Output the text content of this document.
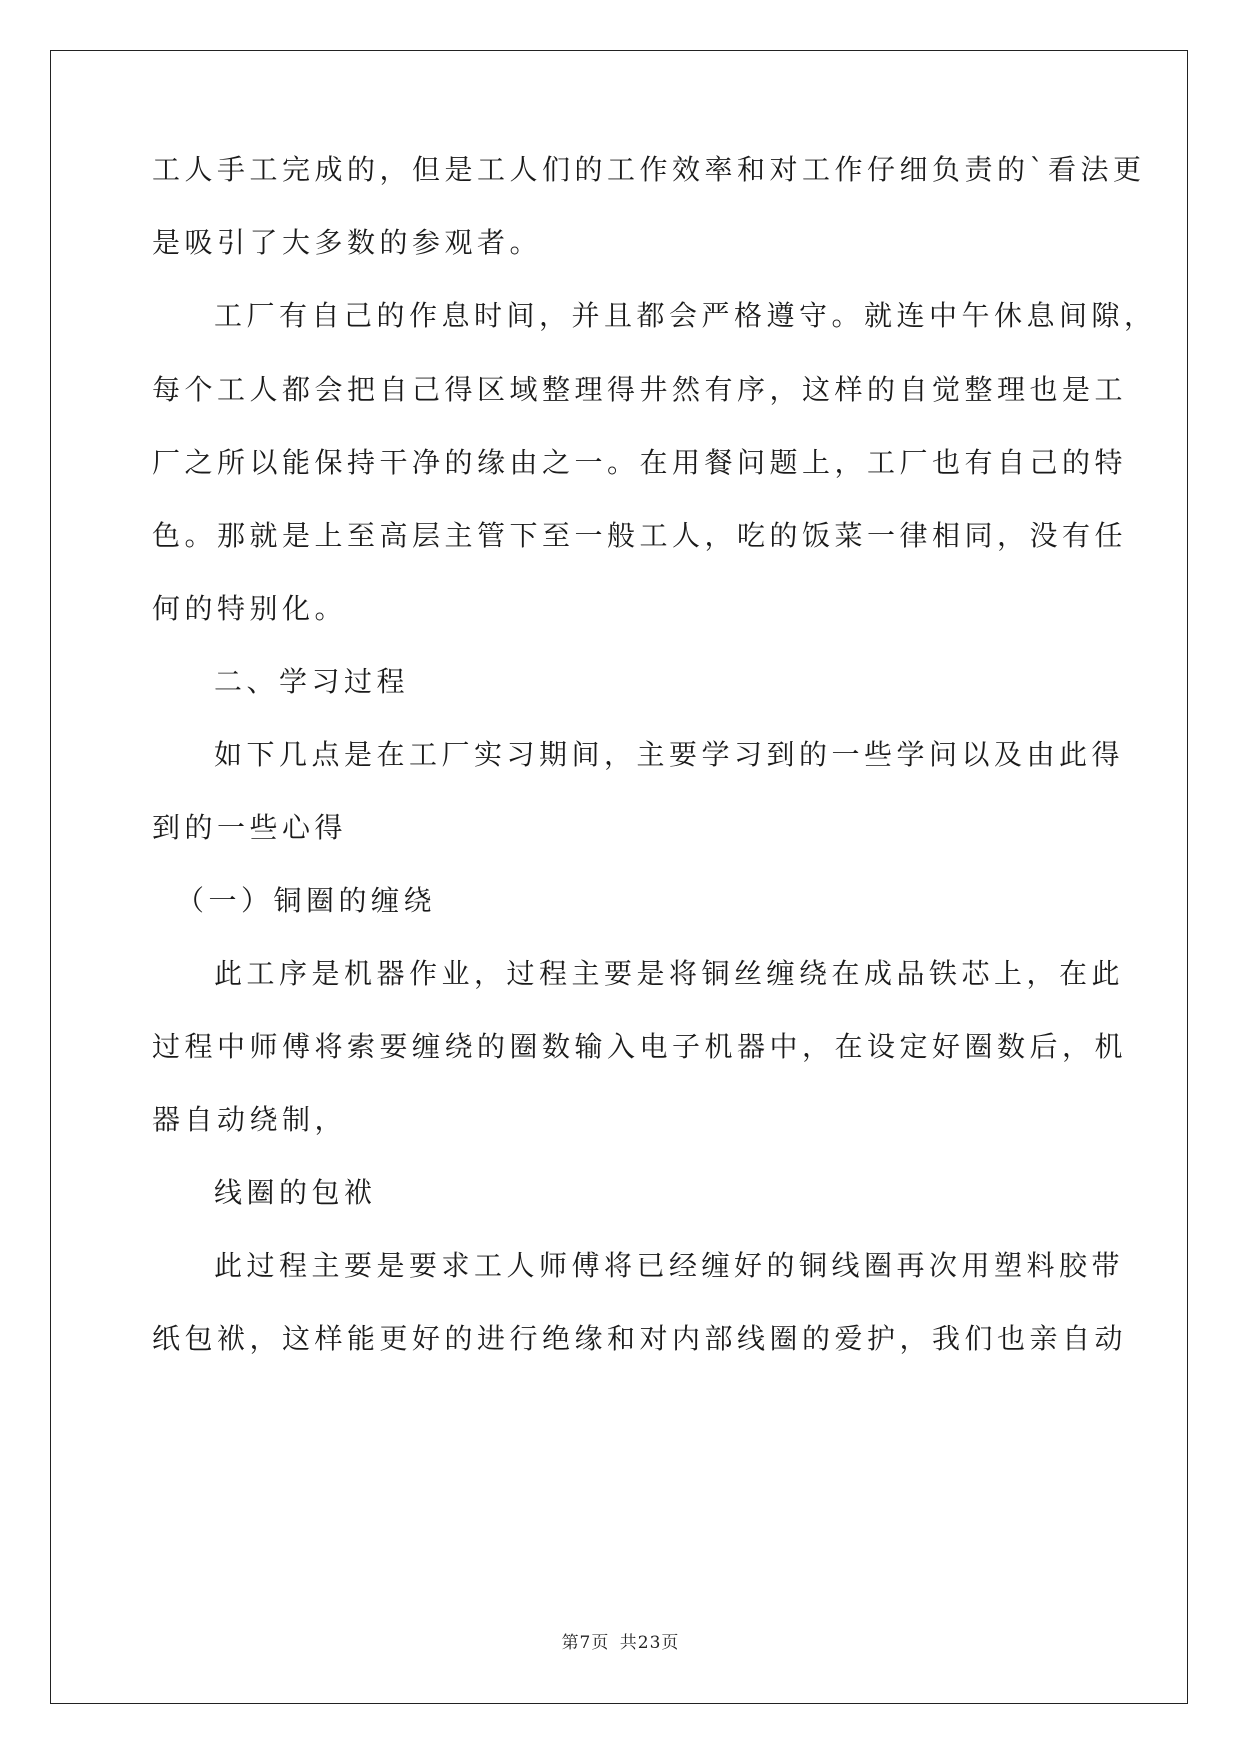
工人手工完成的，但是工人们的工作效率和对工作仔细负责的`看法更
是吸引了大多数的参观者。
工厂有自己的作息时间，并且都会严格遵守。就连中午休息间隙，
每个工人都会把自己得区域整理得井然有序，这样的自觉整理也是工
厂之所以能保持干净的缘由之一。在用餐问题上，工厂也有自己的特
色。那就是上至高层主管下至一般工人，吃的饭菜一律相同，没有任
何的特别化。
二、学习过程
如下几点是在工厂实习期间，主要学习到的一些学问以及由此得
到的一些心得
（一）铜圈的缠绕
此工序是机器作业，过程主要是将铜丝缠绕在成品铁芯上，在此
过程中师傅将索要缠绕的圈数输入电子机器中，在设定好圈数后，机
器自动绕制，
线圈的包袱
此过程主要是要求工人师傅将已经缠好的铜线圈再次用塑料胶带
纸包袱，这样能更好的进行绝缘和对内部线圈的爱护，我们也亲自动
第7页 共23页
